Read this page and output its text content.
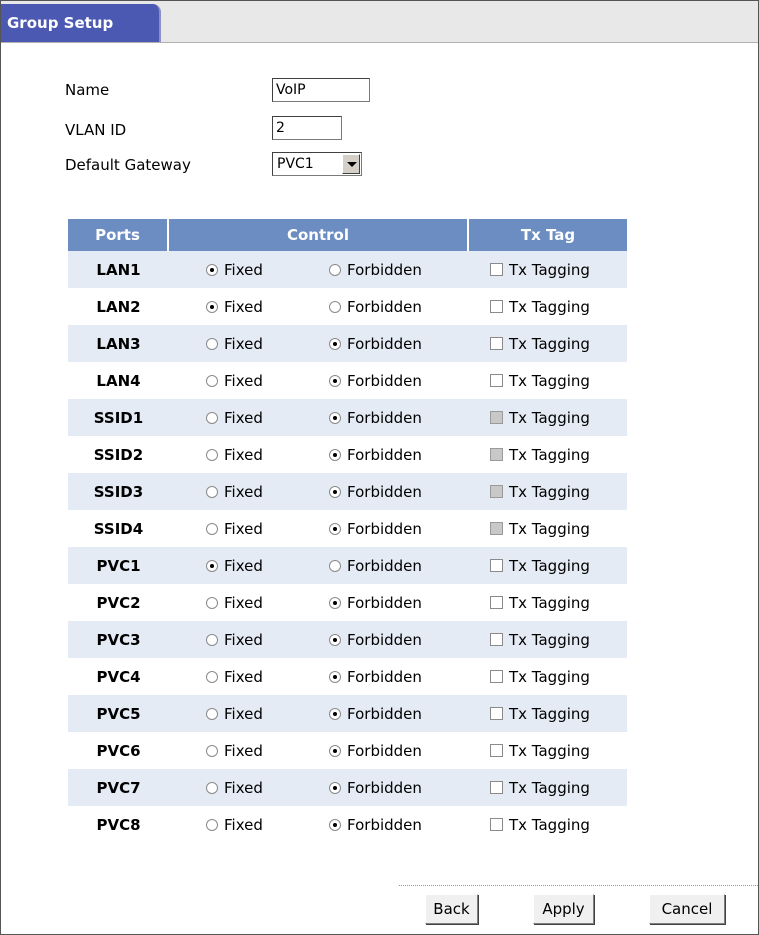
Group Setup
Name	VoIP
VLAN ID	2
Default Gateway	PVC1
Ports	Control		Tx Tag
LAN1	Fixed	Forbidden	Tx Tagging
LAN2	Fixed	Forbidden	Tx Tagging
LAN3	Fixed	Forbidden	Tx Tagging
LAN4	Fixed	Forbidden	Tx Tagging
SSID1	Fixed	Forbidden	Tx Tagging
SSID2	Fixed	Forbidden	Tx Tagging
SSID3	Fixed	Forbidden	Tx Tagging
SSID4	Fixed	Forbidden	Tx Tagging
PVC1	Fixed	Forbidden	Tx Tagging
PVC2	Fixed	Forbidden	Tx Tagging
PVC3	Fixed	Forbidden	Tx Tagging
PVC4	Fixed	Forbidden	Tx Tagging
PVC5	Fixed	Forbidden	Tx Tagging
PVC6	Fixed	Forbidden	Tx Tagging
PVC7	Fixed	Forbidden	Tx Tagging
PVC8	Fixed	Forbidden	Tx Tagging
Back	Apply	Cancel
